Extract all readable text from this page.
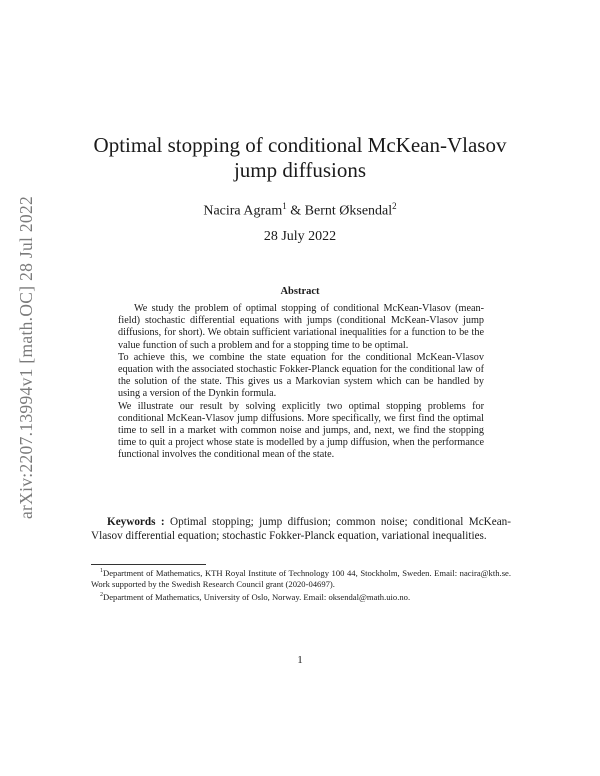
arXiv:2207.13994v1 [math.OC] 28 Jul 2022
Optimal stopping of conditional McKean-Vlasov
jump diffusions
Nacira Agram$^1$ & Bernt Øksendal$^2$
28 July 2022
Abstract

We study the problem of optimal stopping of conditional McKean-Vlasov (mean-field) stochastic differential equations with jumps (conditional McKean-Vlasov jump diffusions, for short). We obtain sufficient variational inequalities for a function to be the value function of such a problem and for a stopping time to be optimal.

To achieve this, we combine the state equation for the conditional McKean-Vlasov equation with the associated stochastic Fokker-Planck equation for the conditional law of the solution of the state. This gives us a Markovian system which can be handled by using a version of the Dynkin formula.

We illustrate our result by solving explicitly two optimal stopping problems for conditional McKean-Vlasov jump diffusions. More specifically, we first find the optimal time to sell in a market with common noise and jumps, and, next, we find the stopping time to quit a project whose state is modelled by a jump diffusion, when the performance functional involves the conditional mean of the state.

Keywords : Optimal stopping; jump diffusion; common noise; conditional McKean-Vlasov differential equation; stochastic Fokker-Planck equation, variational inequalities.

$^1$Department of Mathematics, KTH Royal Institute of Technology 100 44, Stockholm, Sweden. Email: nacira@kth.se. Work supported by the Swedish Research Council grant (2020-04697).

$^2$Department of Mathematics, University of Oslo, Norway. Email: oksendal@math.uio.no.

1
